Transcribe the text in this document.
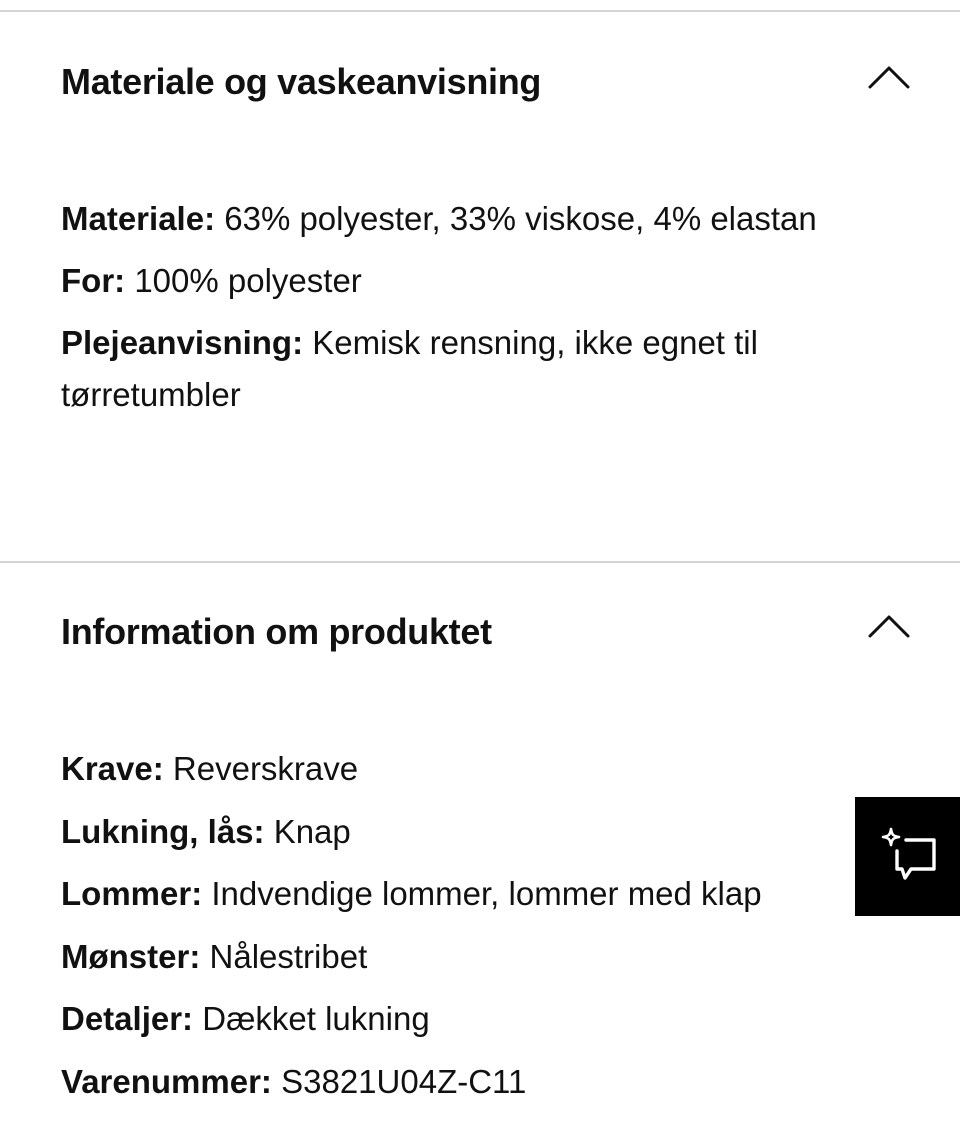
Materiale og vaskeanvisning

Materiale: 63% polyester, 33% viskose, 4% elastan

For: 100% polyester

Plejeanvisning: Kemisk rensning, ikke egnet til tørretumbler

Information om produktet

Krave: Reverskrave

Lukning, lås: Knap

Lommer: Indvendige lommer, lommer med klap

Mønster: Nålestribet

Detaljer: Dækket lukning

Varenummer: S3821U04Z-C11
